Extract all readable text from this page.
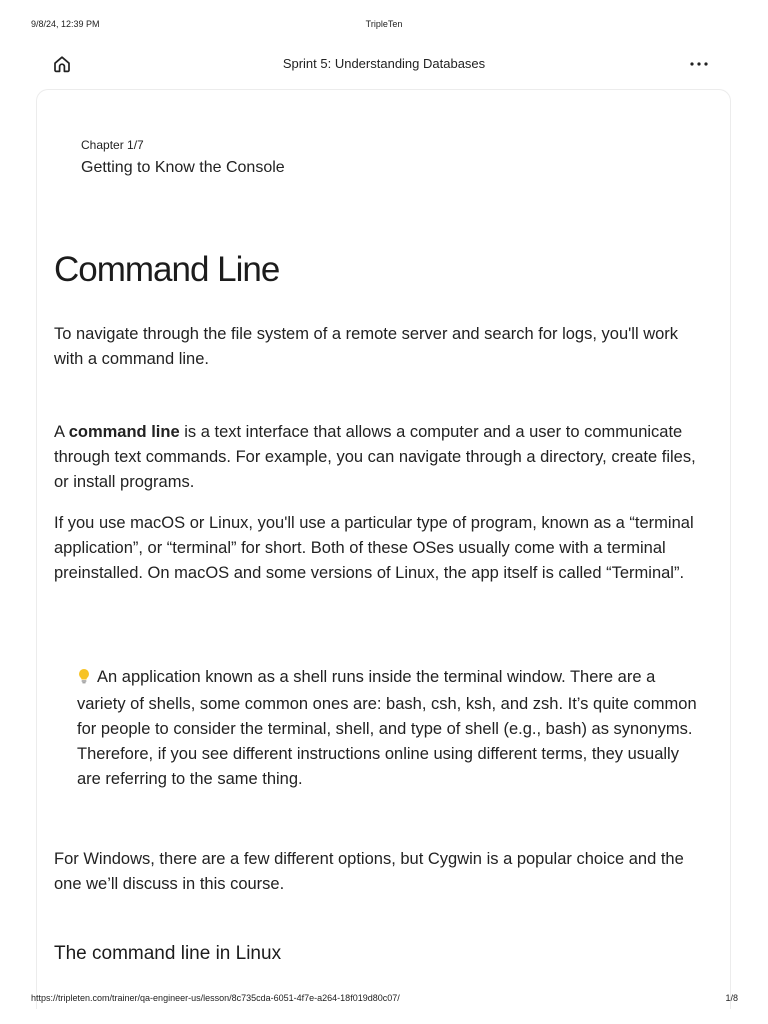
9/8/24, 12:39 PM	TripleTen
Sprint 5: Understanding Databases
Chapter 1/7
Getting to Know the Console
Command Line

To navigate through the file system of a remote server and search for logs, you'll work with a command line.

A command line is a text interface that allows a computer and a user to communicate through text commands. For example, you can navigate through a directory, create files, or install programs.

If you use macOS or Linux, you'll use a particular type of program, known as a “terminal application”, or “terminal” for short. Both of these OSes usually come with a terminal preinstalled. On macOS and some versions of Linux, the app itself is called “Terminal”.

An application known as a shell runs inside the terminal window. There are a variety of shells, some common ones are: bash, csh, ksh, and zsh. It’s quite common for people to consider the terminal, shell, and type of shell (e.g., bash) as synonyms. Therefore, if you see different instructions online using different terms, they usually are referring to the same thing.

For Windows, there are a few different options, but Cygwin is a popular choice and the one we’ll discuss in this course.

The command line in Linux
https://tripleten.com/trainer/qa-engineer-us/lesson/8c735cda-6051-4f7e-a264-18f019d80c07/	1/8
